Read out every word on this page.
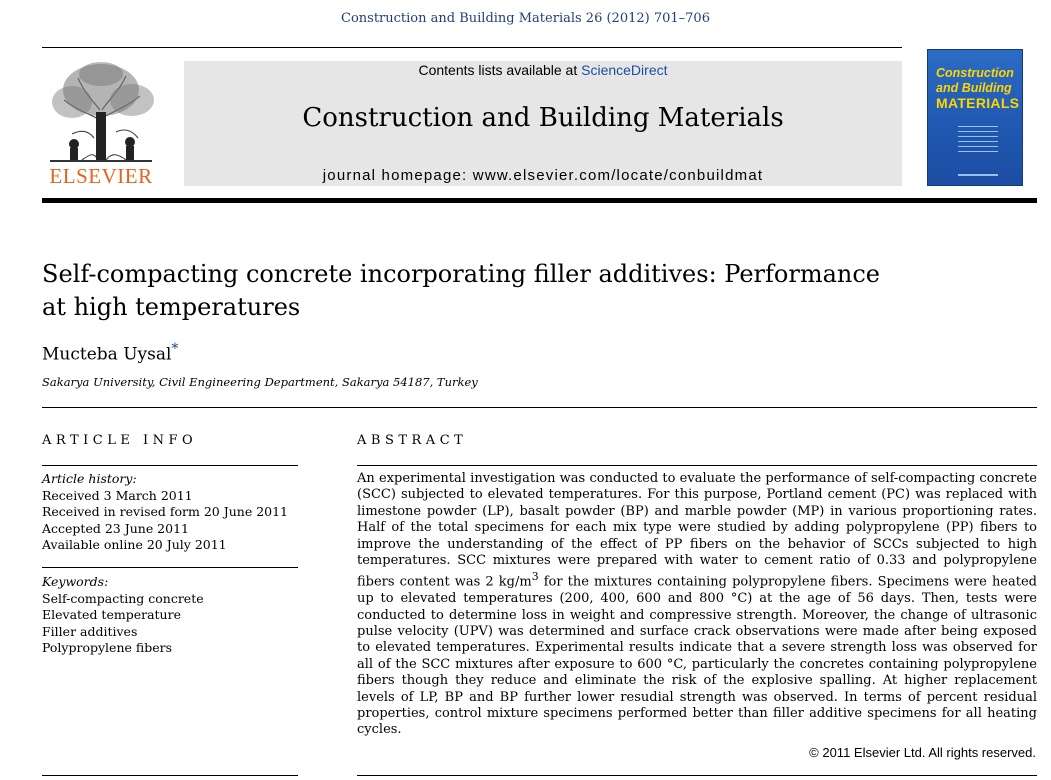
Construction and Building Materials 26 (2012) 701–706
ELSEVIER
Contents lists available at ScienceDirect
Construction and Building Materials
journal homepage: www.elsevier.com/locate/conbuildmat
Construction
and Building
MATERIALS
Self-compacting concrete incorporating filler additives: Performance at high temperatures
Mucteba Uysal*
Sakarya University, Civil Engineering Department, Sakarya 54187, Turkey
ARTICLE INFO	ABSTRACT
Article history:
Received 3 March 2011
Received in revised form 20 June 2011
Accepted 23 June 2011
Available online 20 July 2011
Keywords:
Self-compacting concrete
Elevated temperature
Filler additives
Polypropylene fibers
An experimental investigation was conducted to evaluate the performance of self-compacting concrete (SCC) subjected to elevated temperatures. For this purpose, Portland cement (PC) was replaced with limestone powder (LP), basalt powder (BP) and marble powder (MP) in various proportioning rates. Half of the total specimens for each mix type were studied by adding polypropylene (PP) fibers to improve the understanding of the effect of PP fibers on the behavior of SCCs subjected to high temperatures. SCC mixtures were prepared with water to cement ratio of 0.33 and polypropylene fibers content was 2 $kg/m^3$ for the mixtures containing polypropylene fibers. Specimens were heated up to elevated temperatures (200, 400, 600 and 800 °C) at the age of 56 days. Then, tests were conducted to determine loss in weight and compressive strength. Moreover, the change of ultrasonic pulse velocity (UPV) was determined and surface crack observations were made after being exposed to elevated temperatures. Experimental results indicate that a severe strength loss was observed for all of the SCC mixtures after exposure to 600 °C, particularly the concretes containing polypropylene fibers though they reduce and eliminate the risk of the explosive spalling. At higher replacement levels of LP, BP and BP further lower resudial strength was observed. In terms of percent residual properties, control mixture specimens performed better than filler additive specimens for all heating cycles.
© 2011 Elsevier Ltd. All rights reserved.
